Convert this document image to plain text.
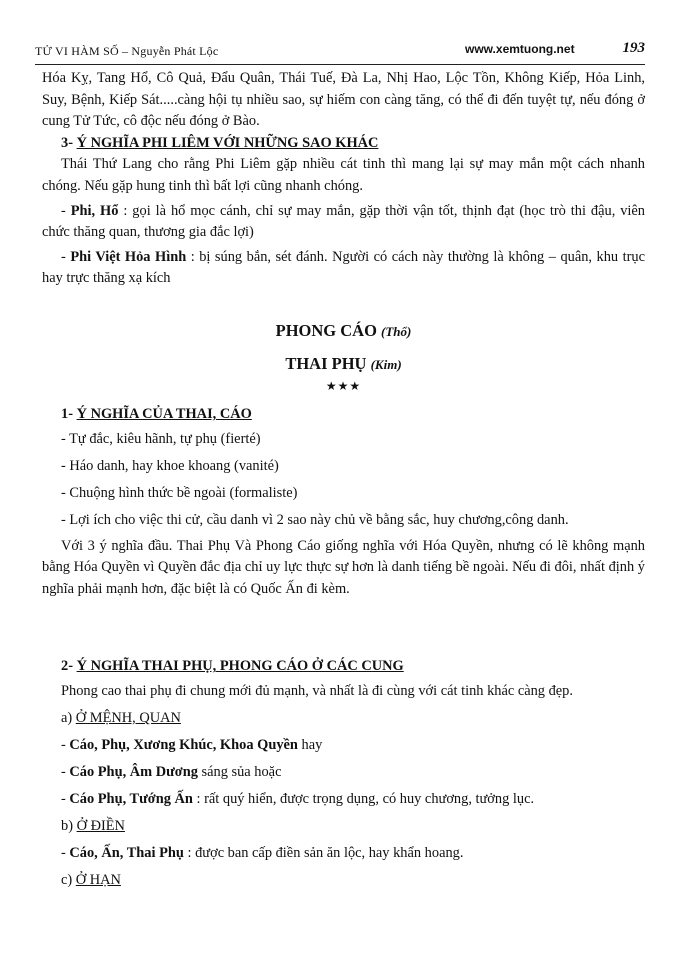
TỬ VI HÀM SỐ – Nguyễn Phát Lộc	www.xemtuong.net	193

Hóa Kỵ, Tang Hổ, Cô Quả, Đẩu Quân, Thái Tuế, Đà La, Nhị Hao, Lộc Tồn, Không Kiếp, Hỏa Linh, Suy, Bệnh, Kiếp Sát.....càng hội tụ nhiều sao, sự hiếm con càng tăng, có thể đi đến tuyệt tự, nếu đóng ở cung Tử Tức, cô độc nếu đóng ở Bào.

3- Ý NGHĨA PHI LIÊM VỚI NHỮNG SAO KHÁC

Thái Thứ Lang cho rằng Phi Liêm gặp nhiều cát tinh thì mang lại sự may mắn một cách nhanh chóng. Nếu gặp hung tinh thì bất lợi cũng nhanh chóng.

- Phi, Hổ : gọi là hổ mọc cánh, chỉ sự may mắn, gặp thời vận tốt, thịnh đạt (học trò thi đậu, viên chức thăng quan, thương gia đắc lợi)

- Phi Việt Hỏa Hình : bị súng bắn, sét đánh. Người có cách này thường là không – quân, khu trục hay trực thăng xạ kích

PHONG CÁO (Thổ)

THAI PHỤ (Kim)

★★★

1- Ý NGHĨA CỦA THAI, CÁO

- Tự đắc, kiêu hãnh, tự phụ (fierté)

- Háo danh, hay khoe khoang (vanité)

- Chuộng hình thức bề ngoài (formaliste)

- Lợi ích cho việc thi cử, cầu danh vì 2 sao này chủ về bằng sắc, huy chương,công danh.

Với 3 ý nghĩa đầu. Thai Phụ Và Phong Cáo giống nghĩa với Hóa Quyền, nhưng có lẽ không mạnh bằng Hóa Quyền vì Quyền đắc địa chỉ uy lực thực sự hơn là danh tiếng bề ngoài. Nếu đi đôi, nhất định ý nghĩa phải mạnh hơn, đặc biệt là có Quốc Ấn đi kèm.

2- Ý NGHĨA THAI PHỤ, PHONG CÁO Ở CÁC CUNG

Phong cao thai phụ đi chung mới đủ mạnh, và nhất là đi cùng với cát tinh khác càng đẹp.

a) Ở MỆNH, QUAN

- Cáo, Phụ, Xương Khúc, Khoa Quyền hay

- Cáo Phụ, Âm Dương sáng sủa hoặc

- Cáo Phụ, Tướng Ấn : rất quý hiển, được trọng dụng, có huy chương, tưởng lục.

b) Ở ĐIỀN

- Cáo, Ấn, Thai Phụ : được ban cấp điền sản ăn lộc, hay khẩn hoang.

c) Ở HẠN
